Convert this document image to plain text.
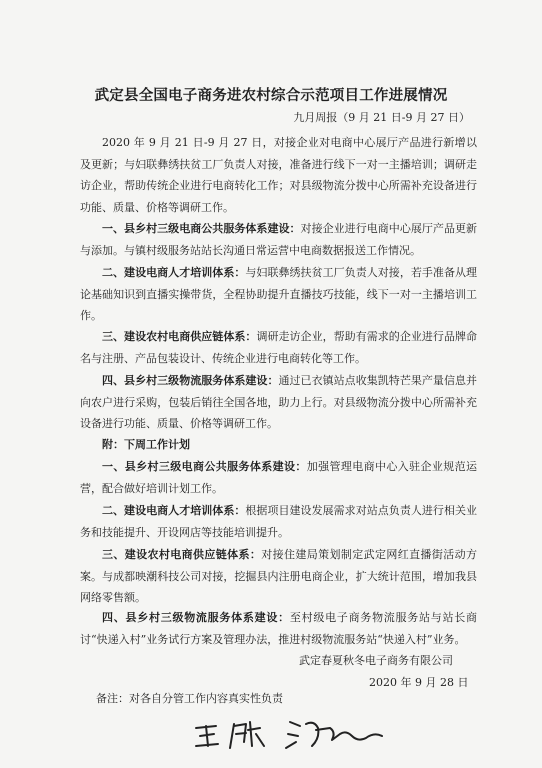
武定县全国电子商务进农村综合示范项目工作进展情况
九月周报（9 月 21 日-9 月 27 日）

2020 年 9 月 21 日-9 月 27 日，对接企业对电商中心展厅产品进行新增以及更新；与妇联彝绣扶贫工厂负责人对接，准备进行线下一对一主播培训；调研走访企业，帮助传统企业进行电商转化工作；对县级物流分拨中心所需补充设备进行功能、质量、价格等调研工作。

一、县乡村三级电商公共服务体系建设：对接企业进行电商中心展厅产品更新与添加。与镇村级服务站站长沟通日常运营中电商数据报送工作情况。

二、建设电商人才培训体系：与妇联彝绣扶贫工厂负责人对接，若手准备从理论基础知识到直播实操带货，全程协助提升直播技巧技能，线下一对一主播培训工作。

三、建设农村电商供应链体系：调研走访企业，帮助有需求的企业进行品牌命名与注册、产品包装设计、传统企业进行电商转化等工作。

四、县乡村三级物流服务体系建设：通过已衣镇站点收集凯特芒果产量信息并向农户进行采购，包装后销往全国各地，助力上行。对县级物流分拨中心所需补充设备进行功能、质量、价格等调研工作。

附：下周工作计划

一、县乡村三级电商公共服务体系建设：加强管理电商中心入驻企业规范运营，配合做好培训计划工作。

二、建设电商人才培训体系：根据项目建设发展需求对站点负责人进行相关业务和技能提升、开设网店等技能培训提升。

三、建设农村电商供应链体系：对接住建局策划制定武定网红直播街活动方案。与成都映潮科技公司对接，挖掘县内注册电商企业，扩大统计范围，增加我县网络零售额。

四、县乡村三级物流服务体系建设：至村级电子商务物流服务站与站长商讨“快递入村”业务试行方案及管理办法，推进村级物流服务站“快递入村”业务。

武定春夏秋冬电子商务有限公司
2020 年 9 月 28 日
备注：对各自分管工作内容真实性负责
